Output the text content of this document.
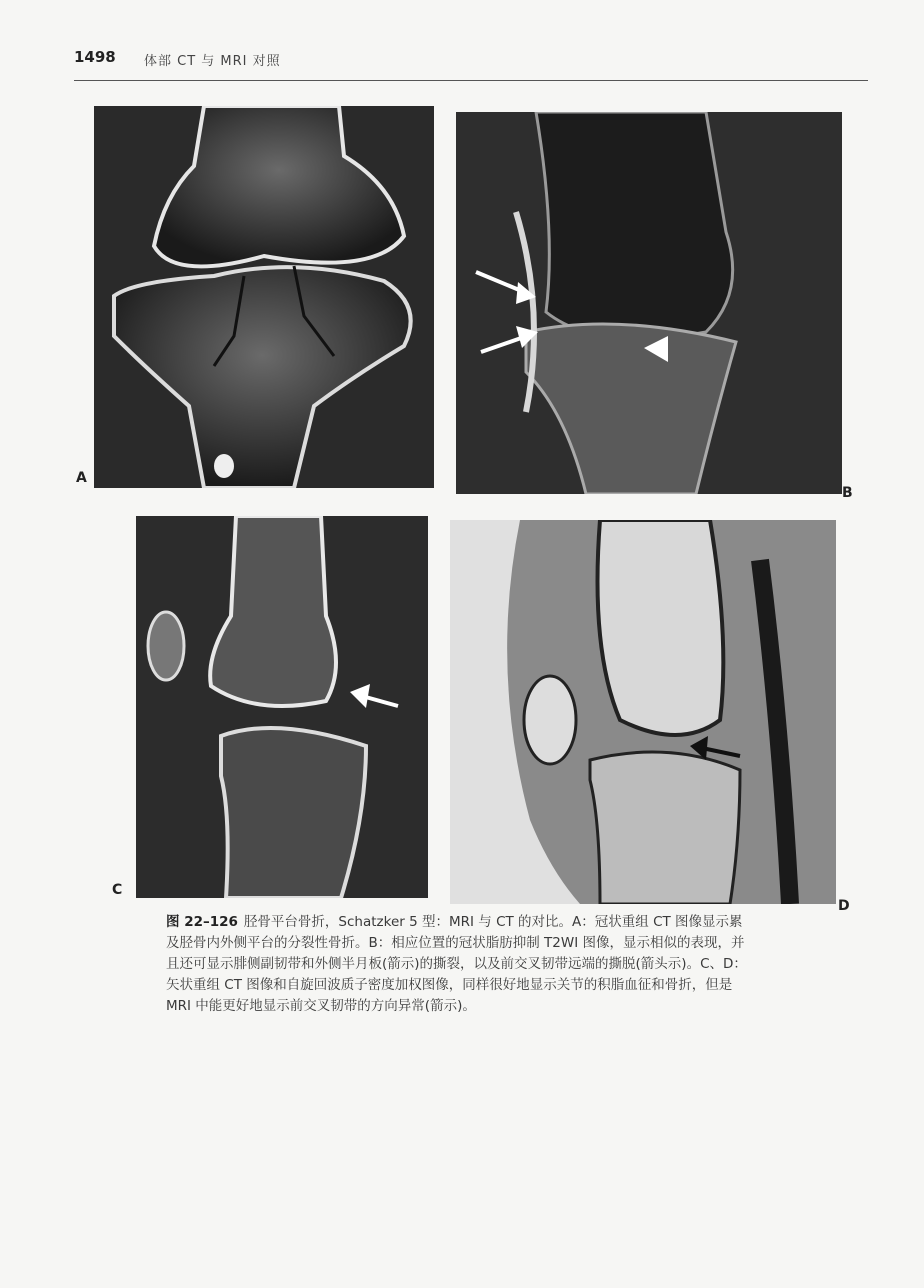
1498 体部 CT 与 MRI 对照
A
B
C
D
图 22–126 胫骨平台骨折，Schatzker 5 型：MRI 与 CT 的对比。A：冠状重组 CT 图像显示累及胫骨内外侧平台的分裂性骨折。B：相应位置的冠状脂肪抑制 T2WI 图像，显示相似的表现，并且还可显示腓侧副韧带和外侧半月板(箭示)的撕裂，以及前交叉韧带远端的撕脱(箭头示)。C、D：矢状重组 CT 图像和自旋回波质子密度加权图像，同样很好地显示关节的积脂血征和骨折，但是 MRI 中能更好地显示前交叉韧带的方向异常(箭示)。
